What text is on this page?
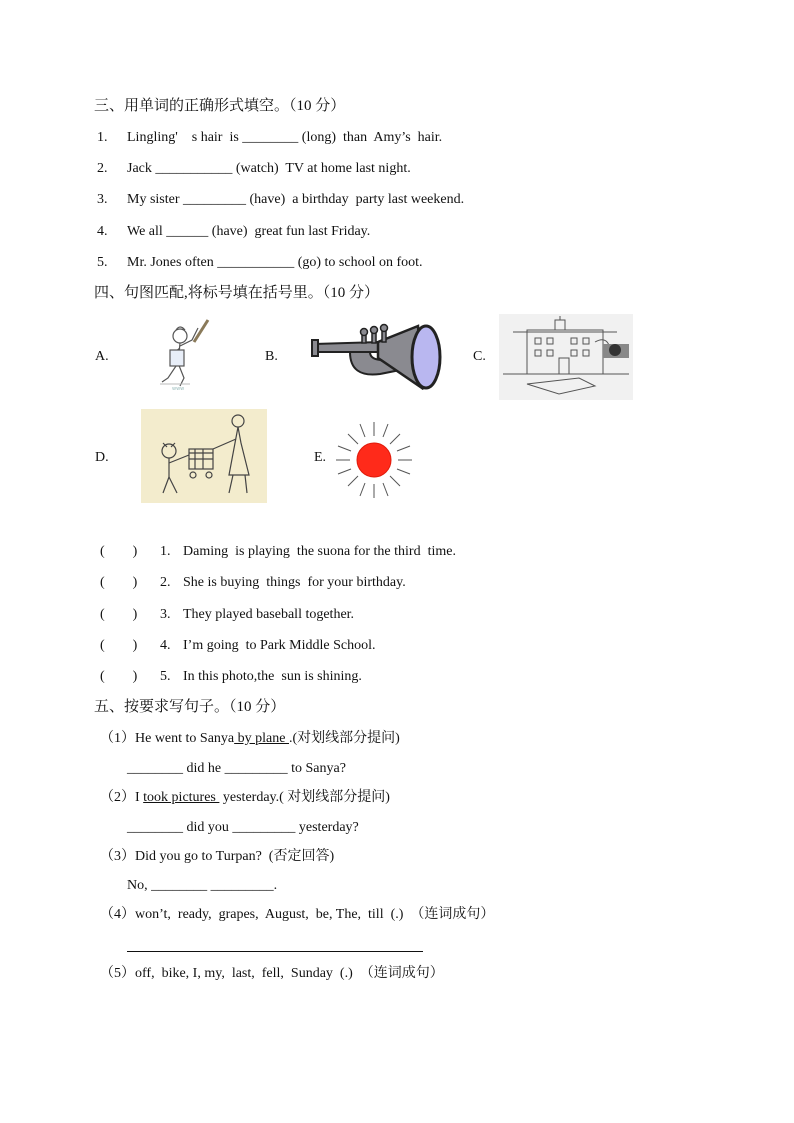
三、用单词的正确形式填空。（10 分）
1. Lingling'　s hair  is ________ (long)  than  Amy’s  hair.
2. Jack ___________ (watch)  TV at home last night.
3. My sister _________ (have)  a birthday  party last weekend.
4. We all ______ (have)  great fun last Friday.
5. Mr. Jones often ___________ (go) to school on foot.
四、句图匹配,将标号填在括号里。（10 分）
A.
www
B.	C.
D.	E.
(　　) 1. Daming  is playing  the suona for the third  time.
(　　) 2. She is buying  things  for your birthday.
(　　) 3. They played baseball together.
(　　) 4. I’m going  to Park Middle School.
(　　) 5. In this photo,the  sun is shining.
五、按要求写句子。（10 分）
（1）He went to Sanya by plane .(对划线部分提问)
________ did he _________ to Sanya?
（2）I took pictures  yesterday.( 对划线部分提问)
________ did you _________ yesterday?
（3）Did you go to Turpan?  (否定回答)
No, ________ _________.
（4）won’t,  ready,  grapes,  August,  be, The,  till  (.)  （连词成句）
（5）off,  bike, I, my,  last,  fell,  Sunday  (.)  （连词成句）
